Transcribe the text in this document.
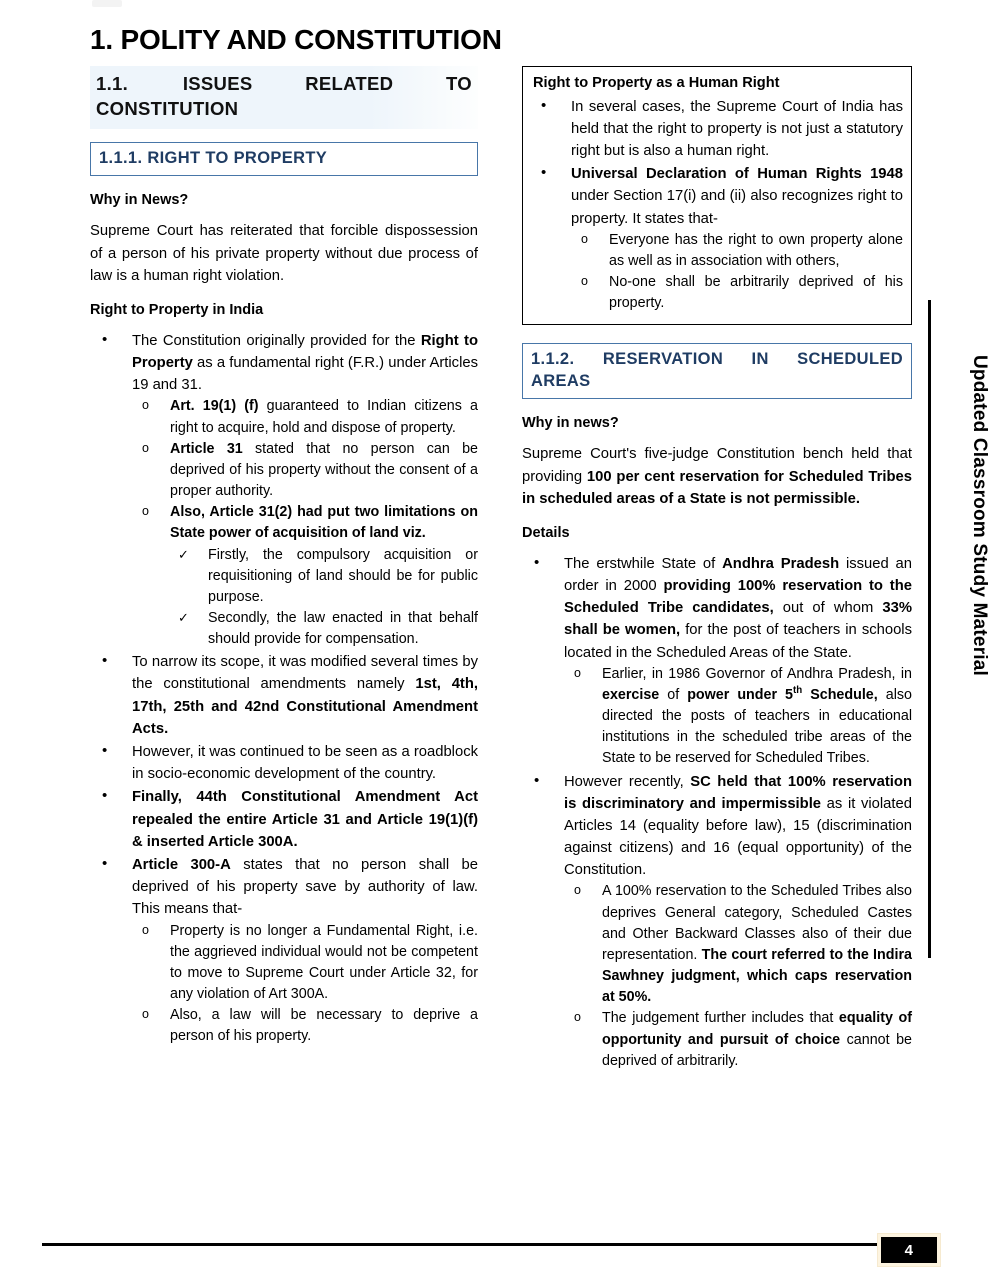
1. POLITY AND CONSTITUTION
1.1.	ISSUES RELATED TO
CONSTITUTION
1.1.1. RIGHT TO PROPERTY
Why in News?

Supreme Court has reiterated that forcible dispossession of a person of his private property without due process of law is a human right violation.

Right to Property in India
• The Constitution originally provided for the Right to Property as a fundamental right (F.R.) under Articles 19 and 31.
o Art. 19(1) (f) guaranteed to Indian citizens a right to acquire, hold and dispose of property.
o Article 31 stated that no person can be deprived of his property without the consent of a proper authority.
o Also, Article 31(2) had put two limitations on State power of acquisition of land viz.
✓ Firstly, the compulsory acquisition or requisitioning of land should be for public purpose.
✓ Secondly, the law enacted in that behalf should provide for compensation.
• To narrow its scope, it was modified several times by the constitutional amendments namely 1st, 4th, 17th, 25th and 42nd Constitutional Amendment Acts.
• However, it was continued to be seen as a roadblock in socio-economic development of the country.
• Finally, 44th Constitutional Amendment Act repealed the entire Article 31 and Article 19(1)(f) & inserted Article 300A.
• Article 300-A states that no person shall be deprived of his property save by authority of law. This means that-
o Property is no longer a Fundamental Right, i.e. the aggrieved individual would not be competent to move to Supreme Court under Article 32, for any violation of Art 300A.
o Also, a law will be necessary to deprive a person of his property.
Right to Property as a Human Right
• In several cases, the Supreme Court of India has held that the right to property is not just a statutory right but is also a human right.
• Universal Declaration of Human Rights 1948 under Section 17(i) and (ii) also recognizes right to property. It states that-
o Everyone has the right to own property alone as well as in association with others,
o No-one shall be arbitrarily deprived of his property.
1.1.2. RESERVATION IN SCHEDULED
AREAS
Why in news?

Supreme Court's five-judge Constitution bench held that providing 100 per cent reservation for Scheduled Tribes in scheduled areas of a State is not permissible.

Details
• The erstwhile State of Andhra Pradesh issued an order in 2000 providing 100% reservation to the Scheduled Tribe candidates, out of whom 33% shall be women, for the post of teachers in schools located in the Scheduled Areas of the State.
o Earlier, in 1986 Governor of Andhra Pradesh, in exercise of power under 5th Schedule, also directed the posts of teachers in educational institutions in the scheduled tribe areas of the State to be reserved for Scheduled Tribes.
• However recently, SC held that 100% reservation is discriminatory and impermissible as it violated Articles 14 (equality before law), 15 (discrimination against citizens) and 16 (equal opportunity) of the Constitution.
o A 100% reservation to the Scheduled Tribes also deprives General category, Scheduled Castes and Other Backward Classes also of their due representation. The court referred to the Indira Sawhney judgment, which caps reservation at 50%.
o The judgement further includes that equality of opportunity and pursuit of choice cannot be deprived of arbitrarily.
Updated Classroom Study Material
4
